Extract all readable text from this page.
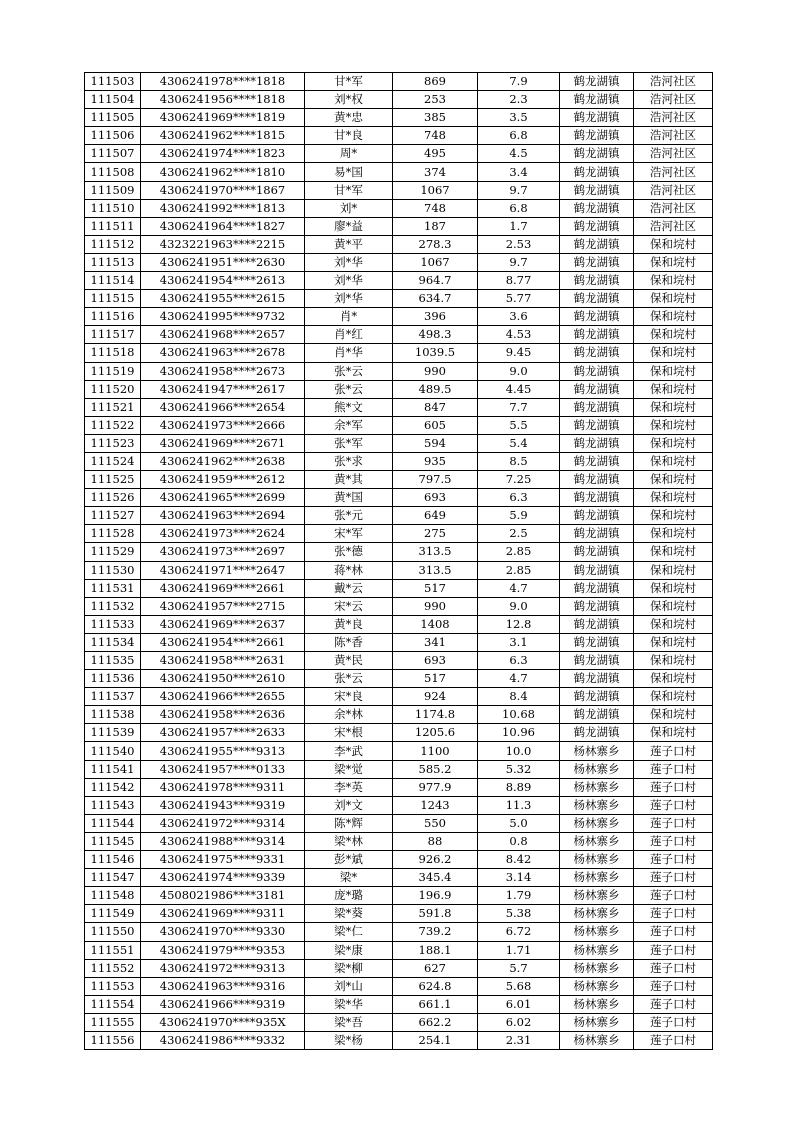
111503	4306241978****1818	甘*军	869	7.9	鹤龙湖镇	浩河社区
111504	4306241956****1818	刘*权	253	2.3	鹤龙湖镇	浩河社区
111505	4306241969****1819	黄*忠	385	3.5	鹤龙湖镇	浩河社区
111506	4306241962****1815	甘*良	748	6.8	鹤龙湖镇	浩河社区
111507	4306241974****1823	周*	495	4.5	鹤龙湖镇	浩河社区
111508	4306241962****1810	易*国	374	3.4	鹤龙湖镇	浩河社区
111509	4306241970****1867	甘*军	1067	9.7	鹤龙湖镇	浩河社区
111510	4306241992****1813	刘*	748	6.8	鹤龙湖镇	浩河社区
111511	4306241964****1827	廖*益	187	1.7	鹤龙湖镇	浩河社区
111512	4323221963****2215	黄*平	278.3	2.53	鹤龙湖镇	保和垸村
111513	4306241951****2630	刘*华	1067	9.7	鹤龙湖镇	保和垸村
111514	4306241954****2613	刘*华	964.7	8.77	鹤龙湖镇	保和垸村
111515	4306241955****2615	刘*华	634.7	5.77	鹤龙湖镇	保和垸村
111516	4306241995****9732	肖*	396	3.6	鹤龙湖镇	保和垸村
111517	4306241968****2657	肖*红	498.3	4.53	鹤龙湖镇	保和垸村
111518	4306241963****2678	肖*华	1039.5	9.45	鹤龙湖镇	保和垸村
111519	4306241958****2673	张*云	990	9.0	鹤龙湖镇	保和垸村
111520	4306241947****2617	张*云	489.5	4.45	鹤龙湖镇	保和垸村
111521	4306241966****2654	熊*文	847	7.7	鹤龙湖镇	保和垸村
111522	4306241973****2666	余*军	605	5.5	鹤龙湖镇	保和垸村
111523	4306241969****2671	张*军	594	5.4	鹤龙湖镇	保和垸村
111524	4306241962****2638	张*求	935	8.5	鹤龙湖镇	保和垸村
111525	4306241959****2612	黄*其	797.5	7.25	鹤龙湖镇	保和垸村
111526	4306241965****2699	黄*国	693	6.3	鹤龙湖镇	保和垸村
111527	4306241963****2694	张*元	649	5.9	鹤龙湖镇	保和垸村
111528	4306241973****2624	宋*军	275	2.5	鹤龙湖镇	保和垸村
111529	4306241973****2697	张*德	313.5	2.85	鹤龙湖镇	保和垸村
111530	4306241971****2647	蒋*林	313.5	2.85	鹤龙湖镇	保和垸村
111531	4306241969****2661	戴*云	517	4.7	鹤龙湖镇	保和垸村
111532	4306241957****2715	宋*云	990	9.0	鹤龙湖镇	保和垸村
111533	4306241969****2637	黄*良	1408	12.8	鹤龙湖镇	保和垸村
111534	4306241954****2661	陈*香	341	3.1	鹤龙湖镇	保和垸村
111535	4306241958****2631	黄*民	693	6.3	鹤龙湖镇	保和垸村
111536	4306241950****2610	张*云	517	4.7	鹤龙湖镇	保和垸村
111537	4306241966****2655	宋*良	924	8.4	鹤龙湖镇	保和垸村
111538	4306241958****2636	余*林	1174.8	10.68	鹤龙湖镇	保和垸村
111539	4306241957****2633	宋*根	1205.6	10.96	鹤龙湖镇	保和垸村
111540	4306241955****9313	李*武	1100	10.0	杨林寨乡	莲子口村
111541	4306241957****0133	梁*觉	585.2	5.32	杨林寨乡	莲子口村
111542	4306241978****9311	李*英	977.9	8.89	杨林寨乡	莲子口村
111543	4306241943****9319	刘*文	1243	11.3	杨林寨乡	莲子口村
111544	4306241972****9314	陈*辉	550	5.0	杨林寨乡	莲子口村
111545	4306241988****9314	梁*林	88	0.8	杨林寨乡	莲子口村
111546	4306241975****9331	彭*斌	926.2	8.42	杨林寨乡	莲子口村
111547	4306241974****9339	梁*	345.4	3.14	杨林寨乡	莲子口村
111548	4508021986****3181	庞*璐	196.9	1.79	杨林寨乡	莲子口村
111549	4306241969****9311	梁*葵	591.8	5.38	杨林寨乡	莲子口村
111550	4306241970****9330	梁*仁	739.2	6.72	杨林寨乡	莲子口村
111551	4306241979****9353	梁*康	188.1	1.71	杨林寨乡	莲子口村
111552	4306241972****9313	梁*柳	627	5.7	杨林寨乡	莲子口村
111553	4306241963****9316	刘*山	624.8	5.68	杨林寨乡	莲子口村
111554	4306241966****9319	梁*华	661.1	6.01	杨林寨乡	莲子口村
111555	4306241970****935X	梁*吾	662.2	6.02	杨林寨乡	莲子口村
111556	4306241986****9332	梁*杨	254.1	2.31	杨林寨乡	莲子口村
